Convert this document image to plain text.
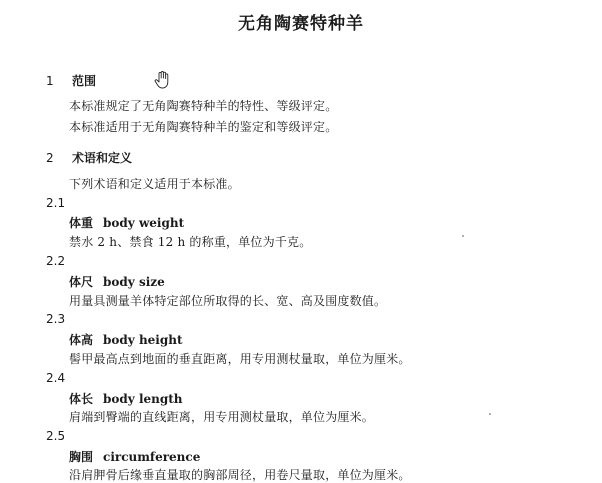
无角陶赛特种羊
1 范围
本标准规定了无角陶赛特种羊的特性、等级评定。
本标准适用于无角陶赛特种羊的鉴定和等级评定。
2 术语和定义
下列术语和定义适用于本标准。
2.1
体重 body weight
禁水 2 h、禁食 12 h 的称重，单位为千克。
2.2
体尺 body size
用量具测量羊体特定部位所取得的长、宽、高及围度数值。
2.3
体高 body height
髻甲最高点到地面的垂直距离，用专用测杖量取，单位为厘米。
2.4
体长 body length
肩端到臀端的直线距离，用专用测杖量取，单位为厘米。
2.5
胸围 circumference
沿肩胛骨后缘垂直量取的胸部周径，用卷尺量取，单位为厘米。
